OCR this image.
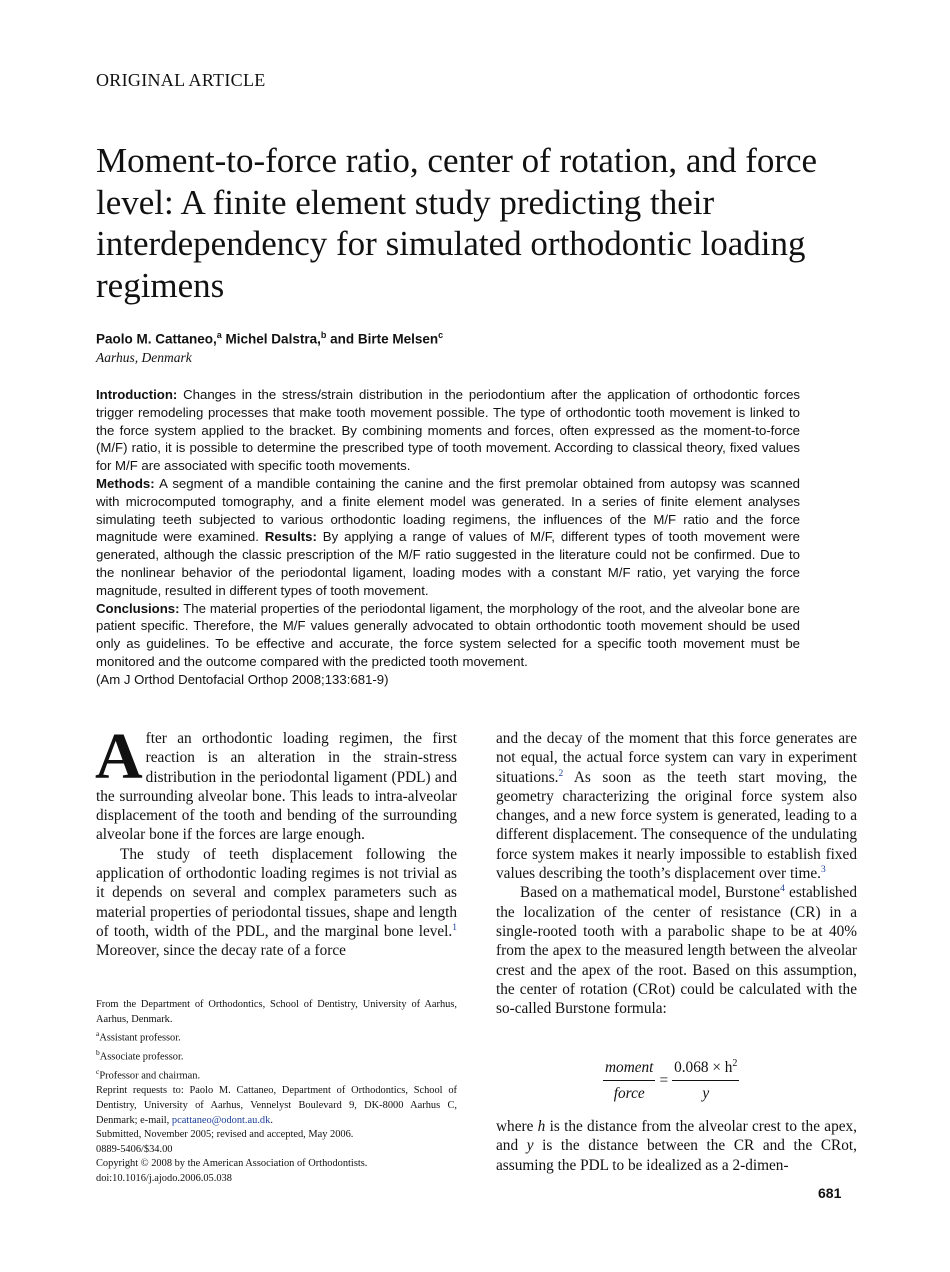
ORIGINAL ARTICLE
Moment-to-force ratio, center of rotation, and force level: A finite element study predicting their interdependency for simulated orthodontic loading regimens
Paolo M. Cattaneo,$^a$ Michel Dalstra,$^b$ and Birte Melsen$^c$
Aarhus, Denmark

Introduction: Changes in the stress/strain distribution in the periodontium after the application of orthodontic forces trigger remodeling processes that make tooth movement possible. The type of orthodontic tooth movement is linked to the force system applied to the bracket. By combining moments and forces, often expressed as the moment-to-force (M/F) ratio, it is possible to determine the prescribed type of tooth movement. According to classical theory, fixed values for M/F are associated with specific tooth movements.

Methods: A segment of a mandible containing the canine and the first premolar obtained from autopsy was scanned with microcomputed tomography, and a finite element model was generated. In a series of finite element analyses simulating teeth subjected to various orthodontic loading regimens, the influences of the M/F ratio and the force magnitude were examined. Results: By applying a range of values of M/F, different types of tooth movement were generated, although the classic prescription of the M/F ratio suggested in the literature could not be confirmed. Due to the nonlinear behavior of the periodontal ligament, loading modes with a constant M/F ratio, yet varying the force magnitude, resulted in different types of tooth movement.

Conclusions: The material properties of the periodontal ligament, the morphology of the root, and the alveolar bone are patient specific. Therefore, the M/F values generally advocated to obtain orthodontic tooth movement should be used only as guidelines. To be effective and accurate, the force system selected for a specific tooth movement must be monitored and the outcome compared with the predicted tooth movement.

(Am J Orthod Dentofacial Orthop 2008;133:681-9)

After an orthodontic loading regimen, the first reaction is an alteration in the strain-stress distribution in the periodontal ligament (PDL) and the surrounding alveolar bone. This leads to intra-alveolar displacement of the tooth and bending of the surrounding alveolar bone if the forces are large enough.

The study of teeth displacement following the application of orthodontic loading regimes is not trivial as it depends on several and complex parameters such as material properties of periodontal tissues, shape and length of tooth, width of the PDL, and the marginal bone level.$^1$ Moreover, since the decay rate of a force

From the Department of Orthodontics, School of Dentistry, University of Aarhus, Aarhus, Denmark.

$^a$Assistant professor.

$^b$Associate professor.

$^c$Professor and chairman.

Reprint requests to: Paolo M. Cattaneo, Department of Orthodontics, School of Dentistry, University of Aarhus, Vennelyst Boulevard 9, DK-8000 Aarhus C, Denmark; e-mail, pcattaneo@odont.au.dk.

Submitted, November 2005; revised and accepted, May 2006.

0889-5406/$34.00

Copyright © 2008 by the American Association of Orthodontists.

doi:10.1016/j.ajodo.2006.05.038

and the decay of the moment that this force generates are not equal, the actual force system can vary in experiment situations.$^2$ As soon as the teeth start moving, the geometry characterizing the original force system also changes, and a new force system is generated, leading to a different displacement. The consequence of the undulating force system makes it nearly impossible to establish fixed values describing the tooth’s displacement over time.$^3$

Based on a mathematical model, Burstone$^4$ established the localization of the center of resistance (CR) in a single-rooted tooth with a parabolic shape to be at 40% from the apex to the measured length between the alveolar crest and the apex of the root. Based on this assumption, the center of rotation (CRot) could be calculated with the so-called Burstone formula:

$\frac{\text{moment}}{\text{force}} = \frac{0.068 \times h^2}{y}$
where h is the distance from the alveolar crest to the apex, and y is the distance between the CR and the CRot, assuming the PDL to be idealized as a 2-dimen-
681
